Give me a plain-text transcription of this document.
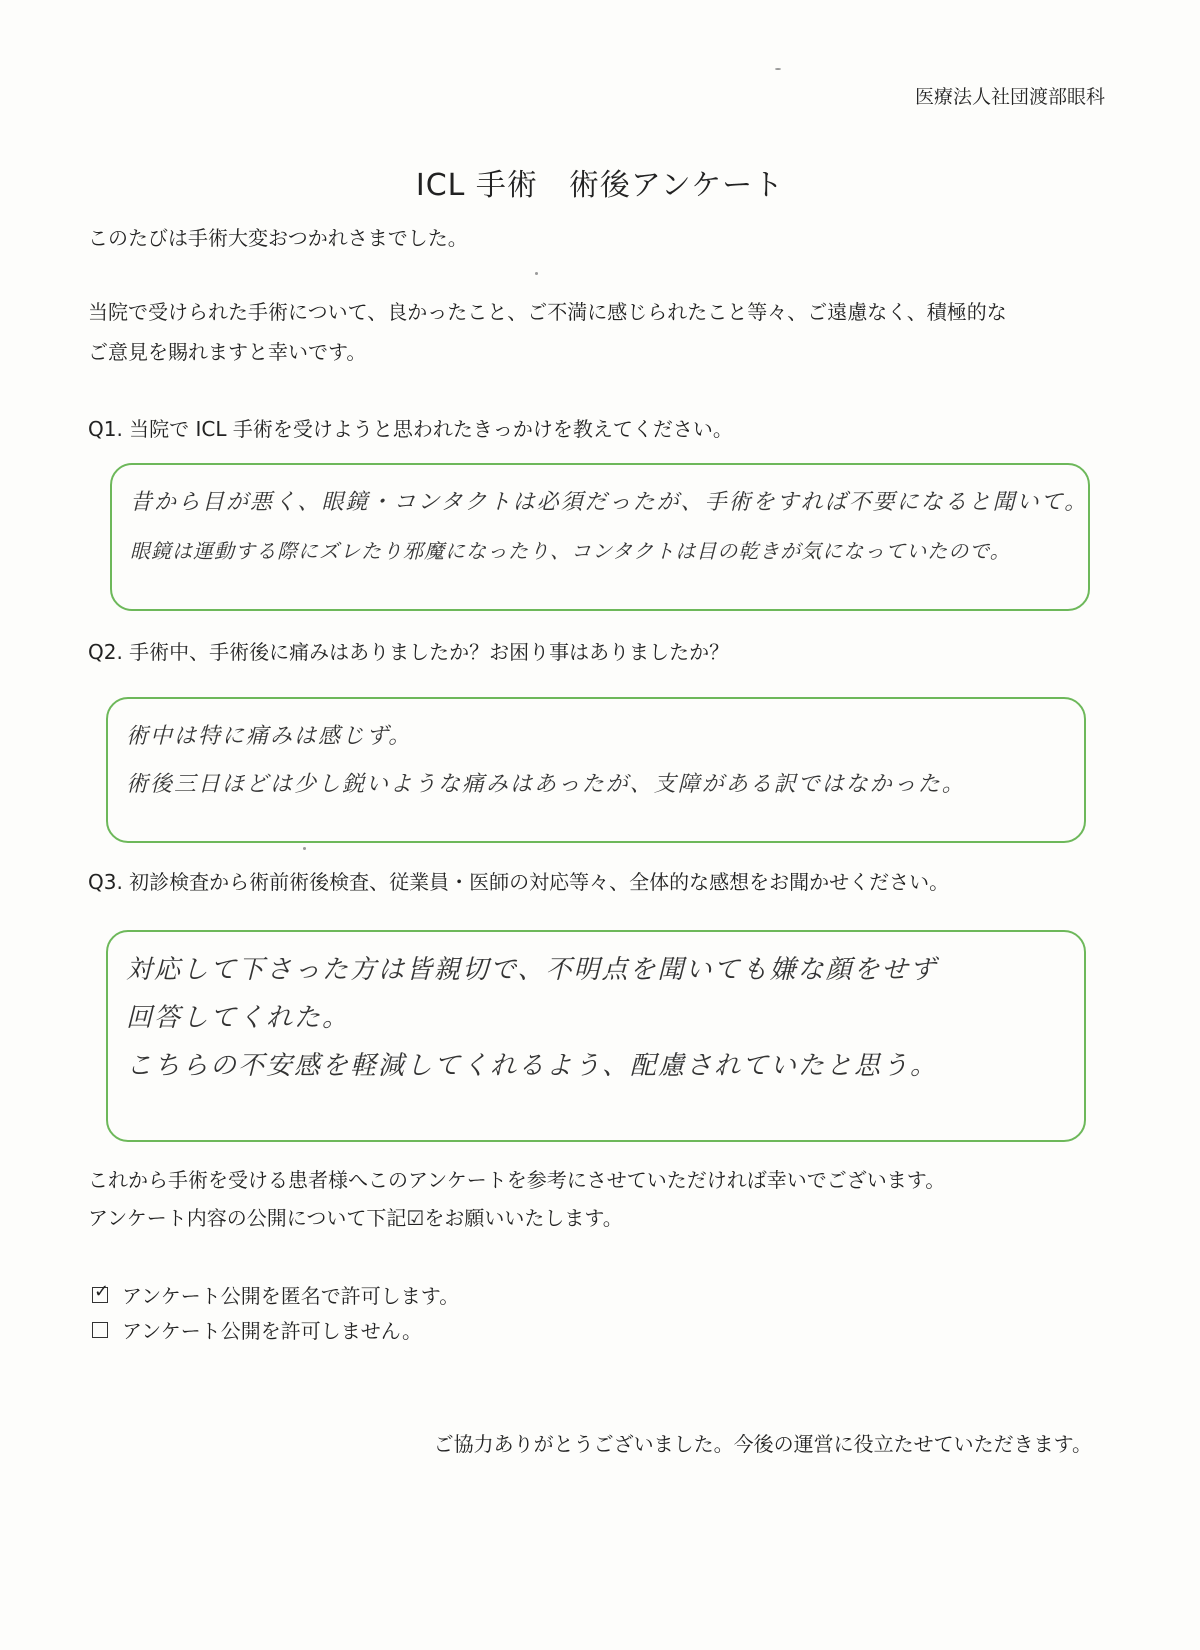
医療法人社団渡部眼科
ICL 手術　術後アンケート
このたびは手術大変おつかれさまでした。
当院で受けられた手術について、良かったこと、ご不満に感じられたこと等々、ご遠慮なく、積極的な
ご意見を賜れますと幸いです。
Q1. 当院で ICL 手術を受けようと思われたきっかけを教えてください。
昔から目が悪く、眼鏡・コンタクトは必須だったが、手術をすれば不要になると聞いて。
眼鏡は運動する際にズレたり邪魔になったり、コンタクトは目の乾きが気になっていたので。
Q2. 手術中、手術後に痛みはありましたか？お困り事はありましたか？
術中は特に痛みは感じず。
術後三日ほどは少し鋭いような痛みはあったが、支障がある訳ではなかった。
Q3. 初診検査から術前術後検査、従業員・医師の対応等々、全体的な感想をお聞かせください。
対応して下さった方は皆親切で、不明点を聞いても嫌な顔をせず
回答してくれた。
こちらの不安感を軽減してくれるよう、配慮されていたと思う。
これから手術を受ける患者様へこのアンケートを参考にさせていただければ幸いでございます。
アンケート内容の公開について下記☑をお願いいたします。
✓ アンケート公開を匿名で許可します。
アンケート公開を許可しません。
ご協力ありがとうございました。今後の運営に役立たせていただきます。
